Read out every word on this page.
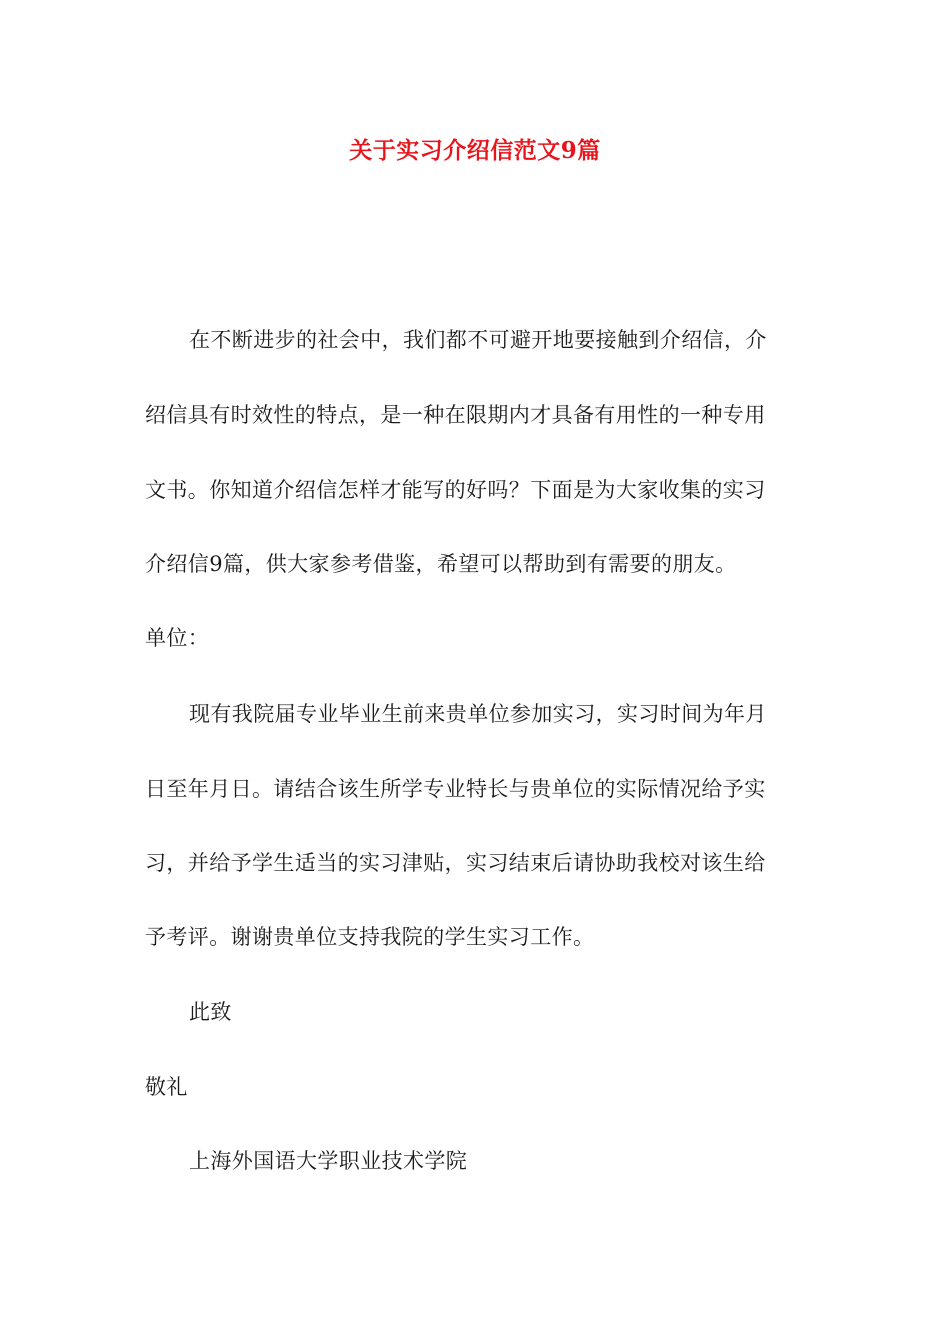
关于实习介绍信范文9篇
在不断进步的社会中，我们都不可避开地要接触到介绍信，介
绍信具有时效性的特点，是一种在限期内才具备有用性的一种专用
文书。你知道介绍信怎样才能写的好吗？下面是为大家收集的实习
介绍信9篇，供大家参考借鉴，希望可以帮助到有需要的朋友。
单位：
现有我院届专业毕业生前来贵单位参加实习，实习时间为年月
日至年月日。请结合该生所学专业特长与贵单位的实际情况给予实
习，并给予学生适当的实习津贴，实习结束后请协助我校对该生给
予考评。谢谢贵单位支持我院的学生实习工作。
此致
敬礼
上海外国语大学职业技术学院
